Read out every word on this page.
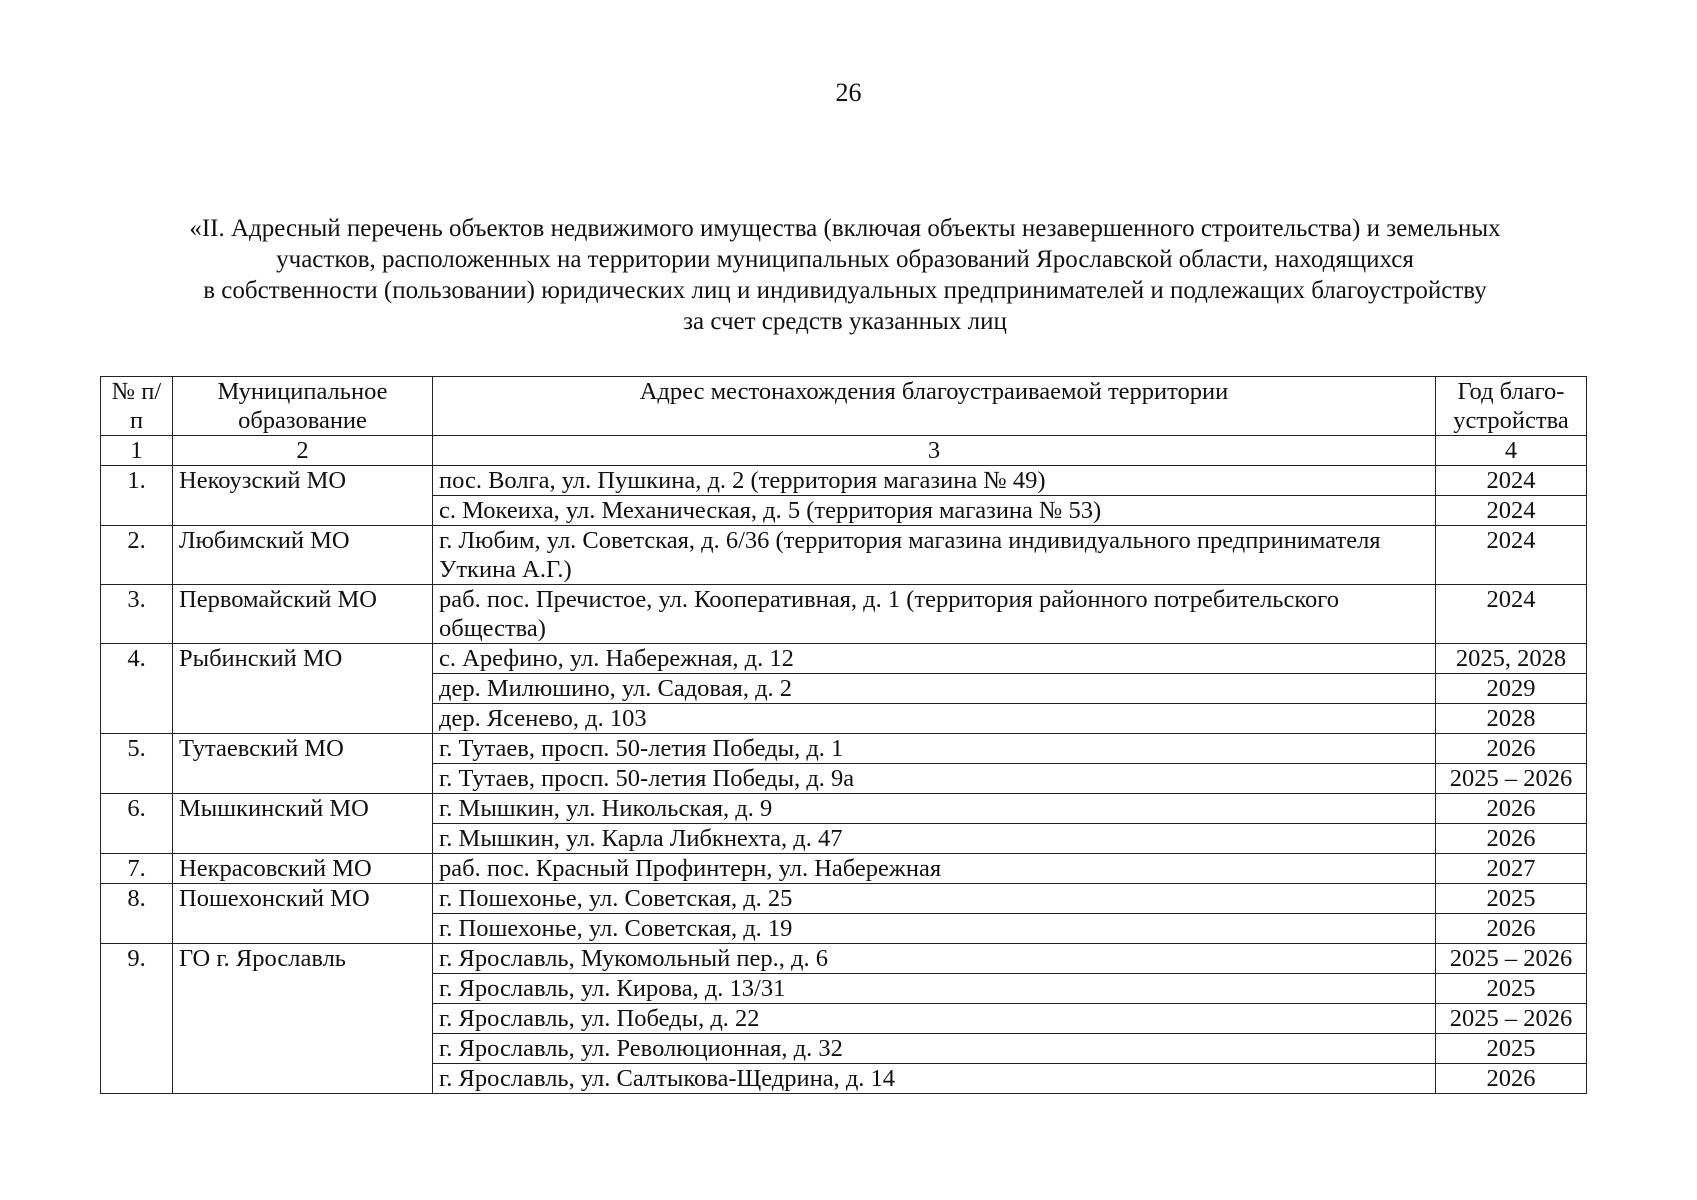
26
«II. Адресный перечень объектов недвижимого имущества (включая объекты незавершенного строительства) и земельных
участков, расположенных на территории муниципальных образований Ярославской области, находящихся
в собственности (пользовании) юридических лиц и индивидуальных предпринимателей и подлежащих благоустройству
за счет средств указанных лиц
№ п/п	Муниципальное образование	Адрес местонахождения благоустраиваемой территории	Год благо-устройства
1	2	3	4
1.	Некоузский МО	пос. Волга, ул. Пушкина, д. 2 (территория магазина № 49)	2024
		с. Мокеиха, ул. Механическая, д. 5 (территория магазина № 53)	2024
2.	Любимский МО	г. Любим, ул. Советская, д. 6/36 (территория магазина индивидуального предпринимателя Уткина А.Г.)	2024
3.	Первомайский МО	раб. пос. Пречистое, ул. Кооперативная, д. 1 (территория районного потребительского общества)	2024
4.	Рыбинский МО	с. Арефино, ул. Набережная, д. 12	2025, 2028
		дер. Милюшино, ул. Садовая, д. 2	2029
		дер. Ясенево, д. 103	2028
5.	Тутаевский МО	г. Тутаев, просп. 50-летия Победы, д. 1	2026
		г. Тутаев, просп. 50-летия Победы, д. 9а	2025 – 2026
6.	Мышкинский МО	г. Мышкин, ул. Никольская, д. 9	2026
		г. Мышкин, ул. Карла Либкнехта, д. 47	2026
7.	Некрасовский МО	раб. пос. Красный Профинтерн, ул. Набережная	2027
8.	Пошехонский МО	г. Пошехонье, ул. Советская, д. 25	2025
		г. Пошехонье, ул. Советская, д. 19	2026
9.	ГО г. Ярославль	г. Ярославль, Мукомольный пер., д. 6	2025 – 2026
		г. Ярославль, ул. Кирова, д. 13/31	2025
		г. Ярославль, ул. Победы, д. 22	2025 – 2026
		г. Ярославль, ул. Революционная, д. 32	2025
		г. Ярославль, ул. Салтыкова-Щедрина, д. 14	2026
